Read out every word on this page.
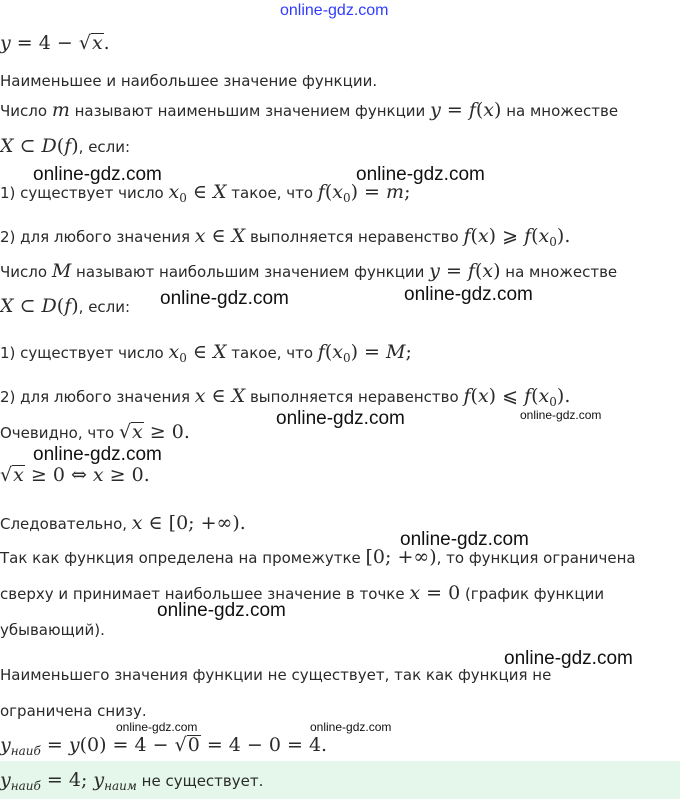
online-gdz.com
y = 4 − √x.
Наименьшее и наибольшее значение функции.
Число m называют наименьшим значением функции y = f(x) на множестве
X ⊂ D(f), если:
1) существует число $x_0$ ∈ X такое, что $f(x_0) = m$;
2) для любого значения x ∈ X выполняется неравенство f(x) ⩾ $f(x_0)$.
Число M называют наибольшим значением функции y = f(x) на множестве
X ⊂ D(f), если:
1) существует число $x_0$ ∈ X такое, что $f(x_0) = M$;
2) для любого значения x ∈ X выполняется неравенство f(x) ⩽ $f(x_0)$.
Очевидно, что √x ≥ 0.
√x ≥ 0 ⇔ x ≥ 0.
Следовательно, x ∈ [0; +∞).
Так как функция определена на промежутке [0; +∞), то функция ограничена
сверху и принимает наибольшее значение в точке x = 0 (график функции
убывающий).
Наименьшего значения функции не существует, так как функция не
ограничена снизу.
$y_{наиб} = y(0) = 4 - √0 = 4 - 0 = 4$.
$y_{наиб} = 4$; $y_{наим}$ не существует.
online-gdz.com	online-gdz.com
online-gdz.com	online-gdz.com
online-gdz.com	online-gdz.com
online-gdz.com
online-gdz.com
online-gdz.com
online-gdz.com
online-gdz.com	online-gdz.com
